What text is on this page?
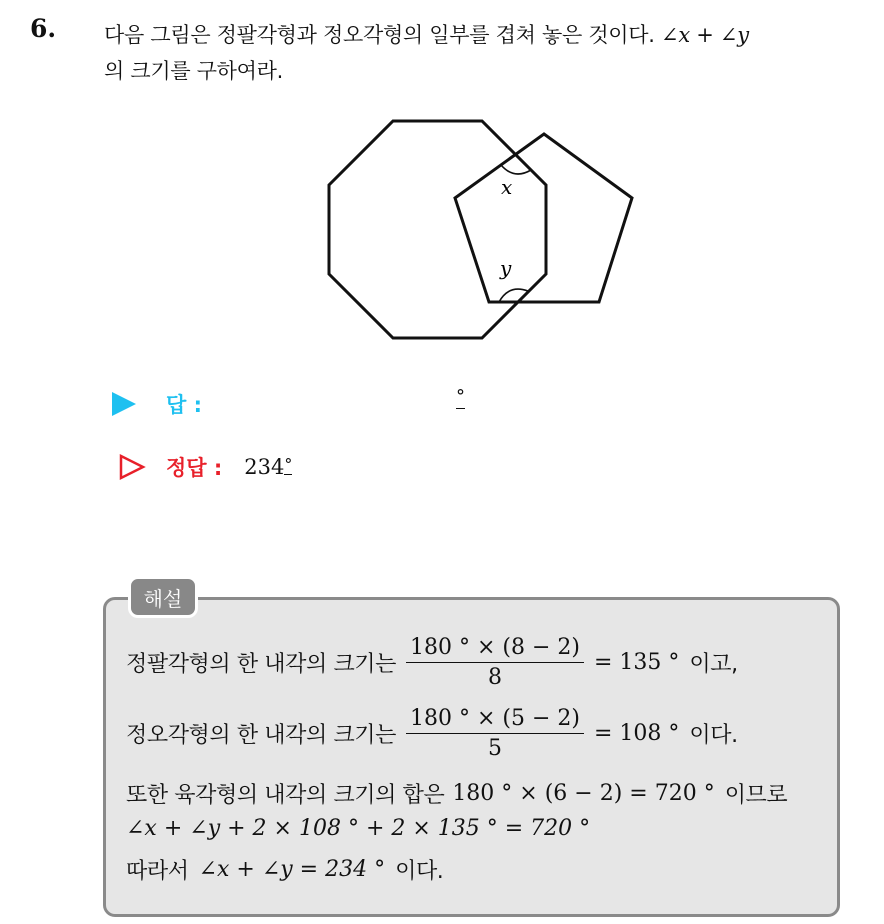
6. 다음 그림은 정팔각형과 정오각형의 일부를 겹쳐 놓은 것이다. ∠x + ∠y
의 크기를 구하여라.
x
y
답 :	°
정답 : 234°
해설
정팔각형의 한 내각의 크기는 $\frac{180 ^\circ \times (8 - 2)}{8} = 135$ ° 이고,
정오각형의 한 내각의 크기는 $\frac{180 ^\circ \times (5 - 2)}{5} = 108$ ° 이다.
또한 육각형의 내각의 크기의 합은 180 ° × (6 − 2) = 720 ° 이므로
∠x + ∠y + 2 × 108 ° + 2 × 135 ° = 720 °
따라서 ∠x + ∠y = 234 ° 이다.
